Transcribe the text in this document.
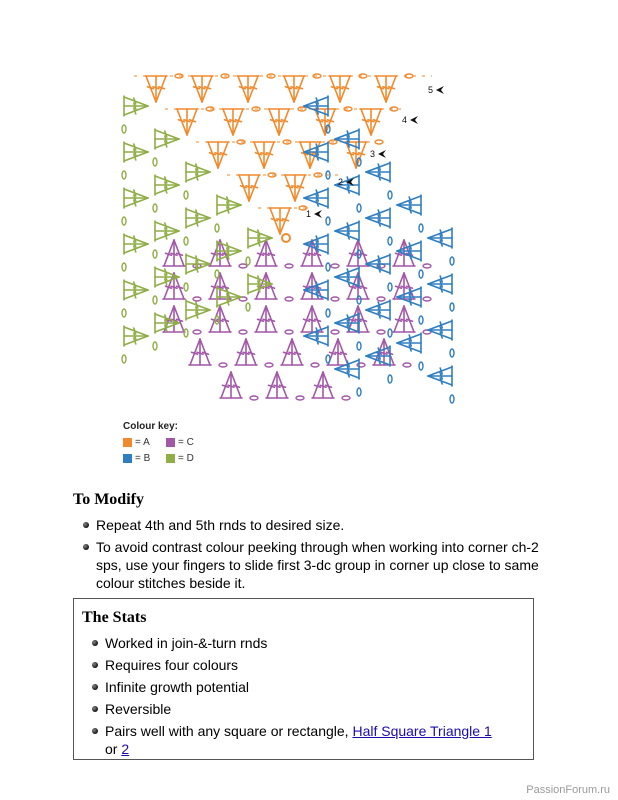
1
2
3
4
5
Colour key:
= A	= C
= B	= D
To Modify
Repeat 4th and 5th rnds to desired size.
To avoid contrast colour peeking through when working into corner ch-2 sps, use your fingers to slide first 3-dc group in corner up close to same colour stitches beside it.
The Stats
Worked in join-&-turn rnds
Requires four colours
Infinite growth potential
Reversible
Pairs well with any square or rectangle, Half Square Triangle 1
or 2
PassionForum.ru
